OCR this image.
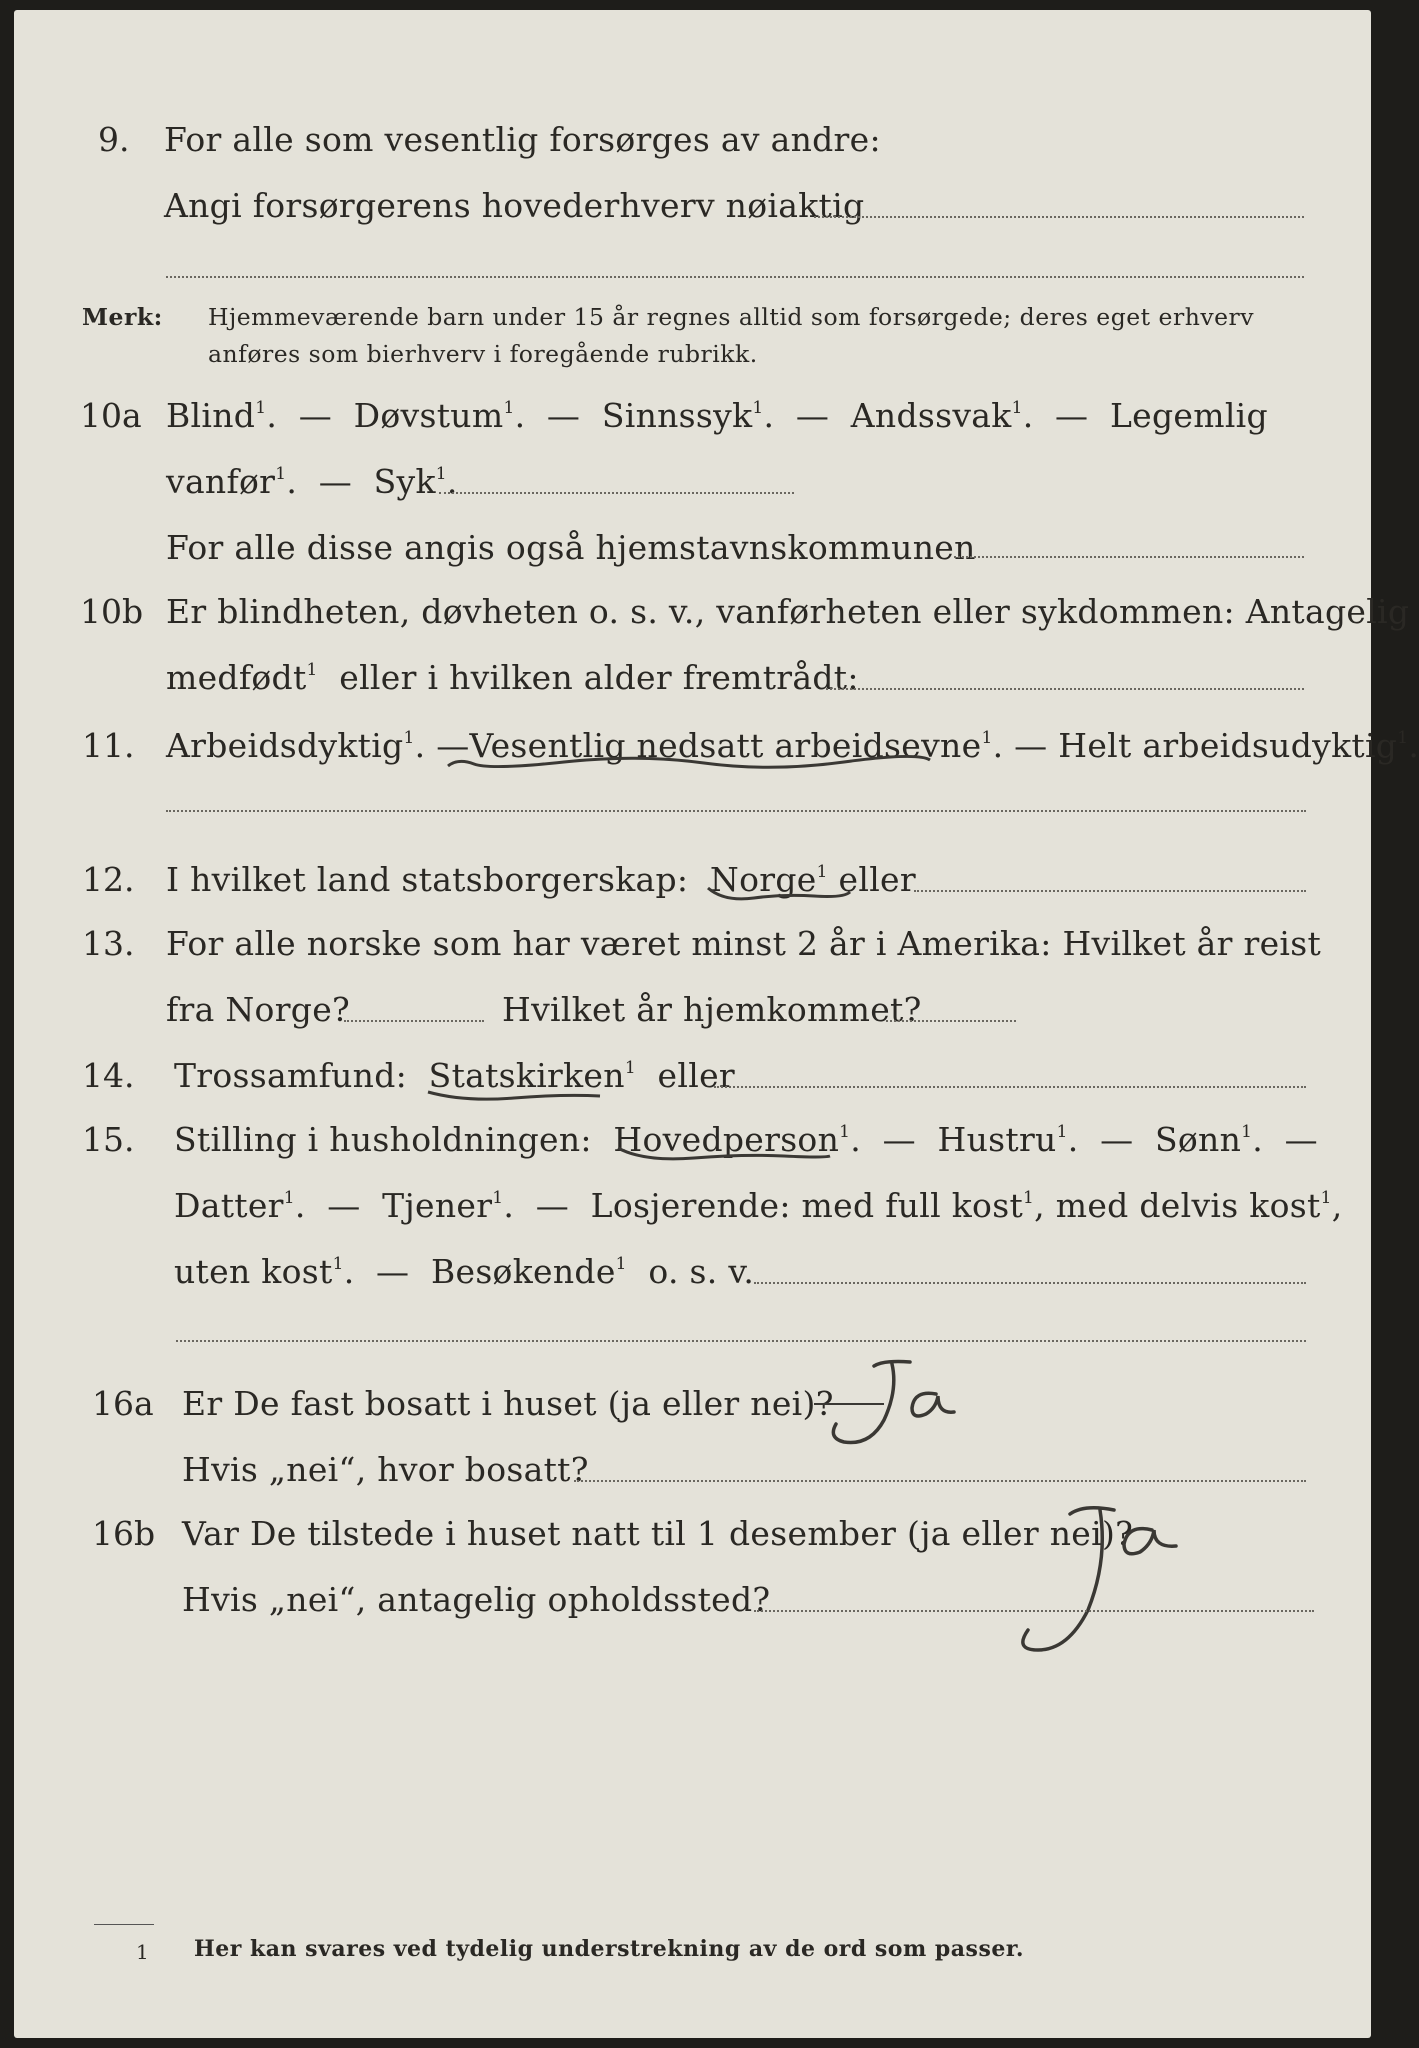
9. For alle som vesentlig forsørges av andre:
Angi forsørgerens hovederhverv nøiaktig
Merk: Hjemmeværende barn under 15 år regnes alltid som forsørgede; deres eget erhverv
anføres som bierhverv i foregående rubrikk.
10a Blind$^1$.  —  Døvstum$^1$.  —  Sinnssyk$^1$.  —  Andssvak$^1$.  —  Legemlig
vanfør$^1$.  —  Syk$^1$.
For alle disse angis også hjemstavnskommunen
10b Er blindheten, døvheten o. s. v., vanførheten eller sykdommen: Antagelig
medfødt$^1$ eller i hvilken alder fremtrådt:
11. Arbeidsdyktig$^1$. —Vesentlig nedsatt arbeidsevne$^1$. — Helt arbeidsudyktig$^1$.
12. I hvilket land statsborgerskap: Norge$^1$ eller
13. For alle norske som har været minst 2 år i Amerika: Hvilket år reist
fra Norge?	Hvilket år hjemkommet?
14. Trossamfund: Statskirken$^1$ eller
15. Stilling i husholdningen: Hovedperson$^1$.  —  Hustru$^1$.  —  Sønn$^1$.  —
Datter$^1$.  —  Tjener$^1$.  —  Losjerende: med full kost$^1$, med delvis kost$^1$,
uten kost$^1$.  —  Besøkende$^1$ o. s. v.
16a Er De fast bosatt i huset (ja eller nei)?
Hvis „nei“, hvor bosatt?
16b Var De tilstede i huset natt til 1 desember (ja eller nei)?
Hvis „nei“, antagelig opholdssted?
1 Her kan svares ved tydelig understrekning av de ord som passer.
